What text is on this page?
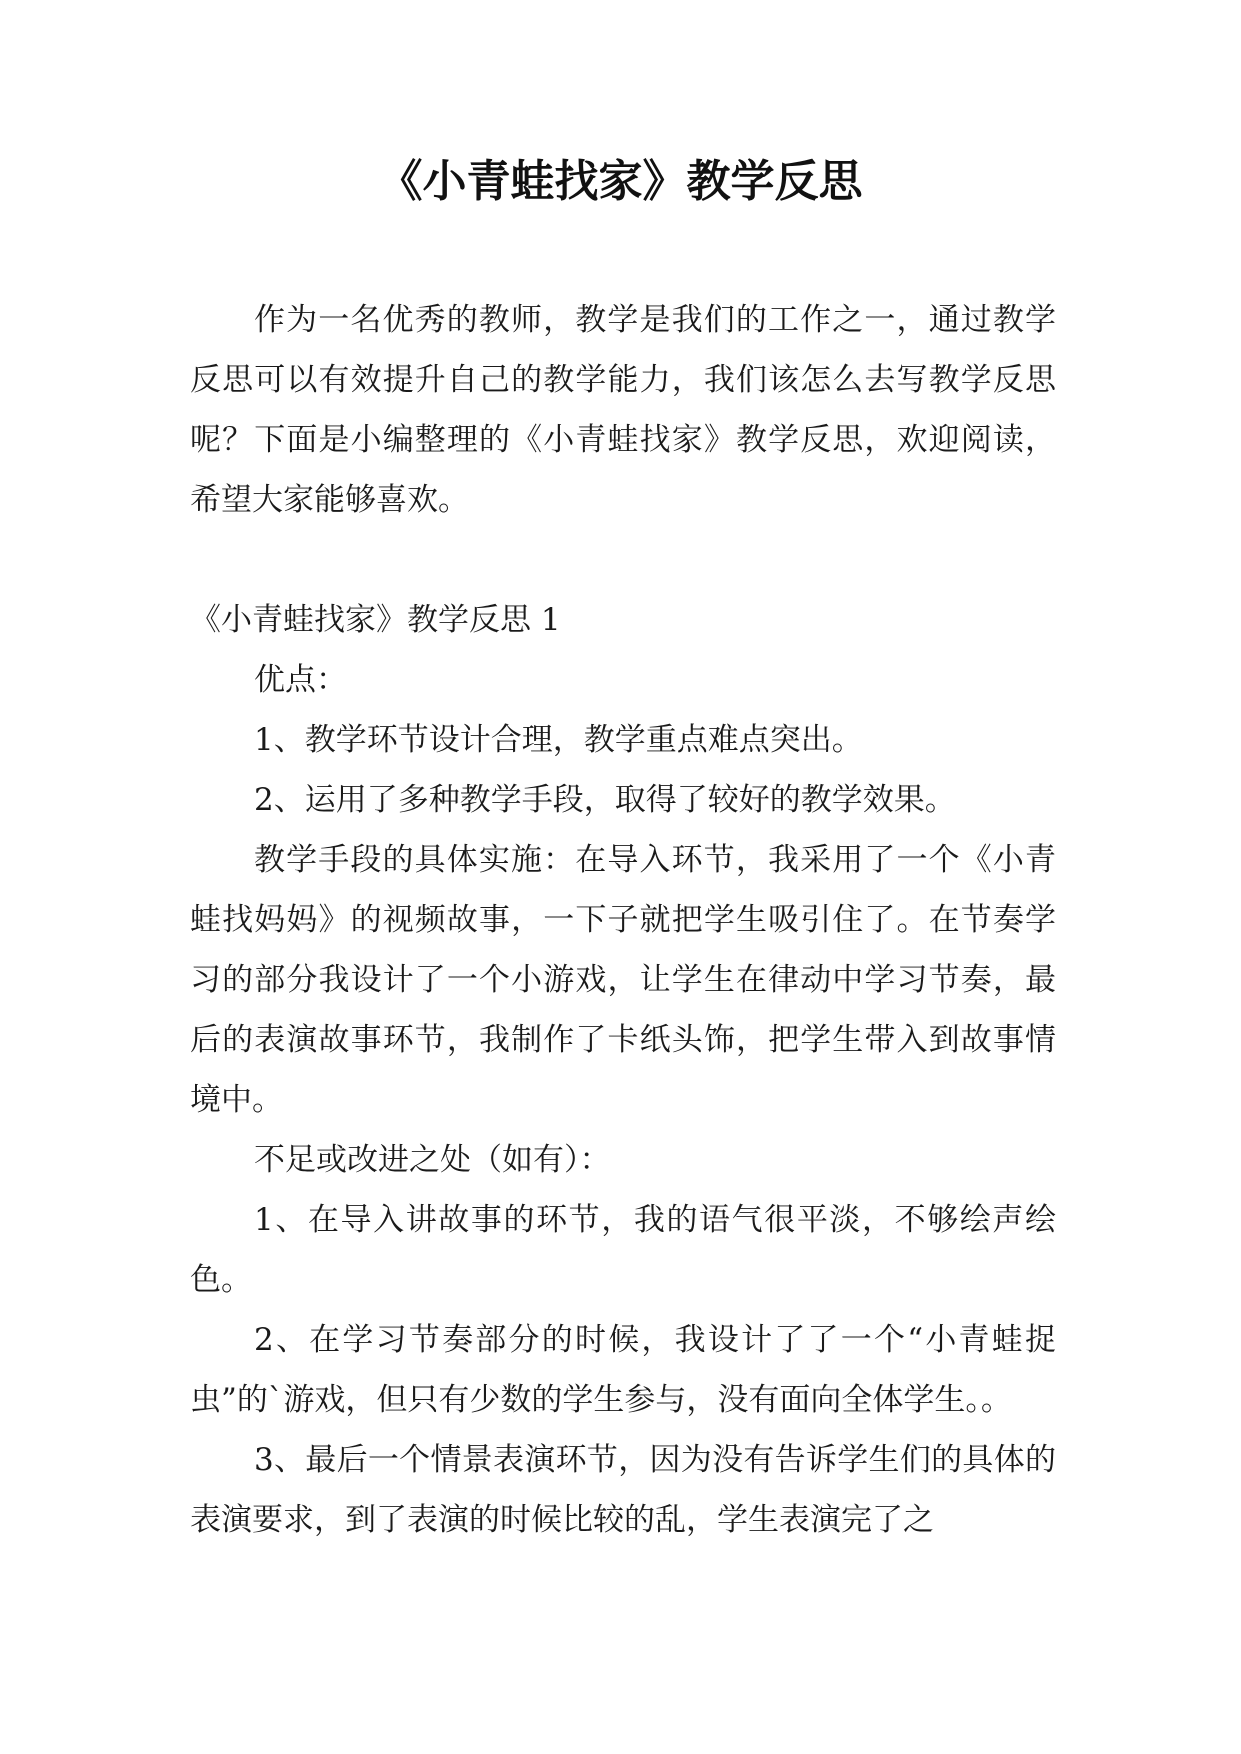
《小青蛙找家》教学反思

作为一名优秀的教师，教学是我们的工作之一，通过教学反思可以有效提升自己的教学能力，我们该怎么去写教学反思呢？下面是小编整理的《小青蛙找家》教学反思，欢迎阅读，希望大家能够喜欢。

《小青蛙找家》教学反思 1

优点：

1、教学环节设计合理，教学重点难点突出。

2、运用了多种教学手段，取得了较好的教学效果。

教学手段的具体实施：在导入环节，我采用了一个《小青蛙找妈妈》的视频故事，一下子就把学生吸引住了。在节奏学习的部分我设计了一个小游戏，让学生在律动中学习节奏，最后的表演故事环节，我制作了卡纸头饰，把学生带入到故事情境中。

不足或改进之处（如有）：

1、在导入讲故事的环节，我的语气很平淡，不够绘声绘色。

2、在学习节奏部分的时候，我设计了了一个“小青蛙捉虫”的`游戏，但只有少数的学生参与，没有面向全体学生。。

3、最后一个情景表演环节，因为没有告诉学生们的具体的表演要求，到了表演的时候比较的乱，学生表演完了之
